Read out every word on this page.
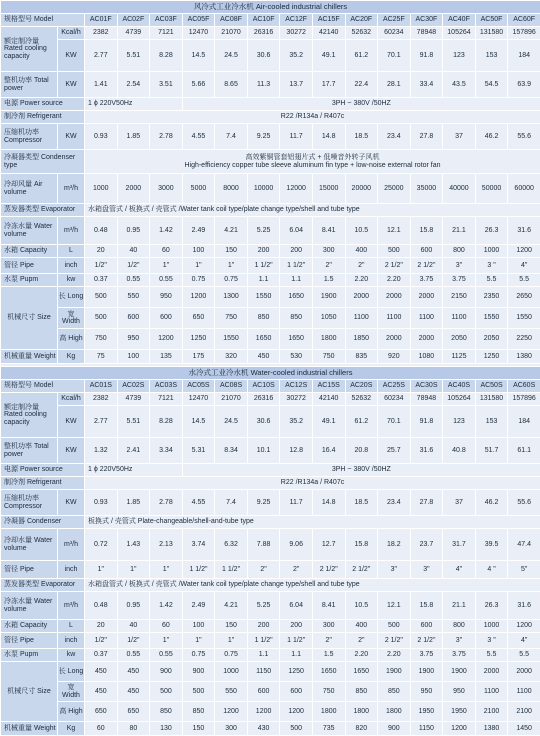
风冷式工业冷水机 Air-cooled industrial chillers															
规格型号 Model		AC01F	AC02F	AC03F	AC05F	AC08F	AC10F	AC12F	AC15F	AC20F	AC25F	AC30F	AC40F	AC50F	AC60F
额定制冷量 Rated cooling capacity	Kcal/h	2382	4739	7121	12470	21070	26316	30272	42140	52632	60234	78948	105264	131580	157896
	KW	2.77	5.51	8.28	14.5	24.5	30.6	35.2	49.1	61.2	70.1	91.8	123	153	184
整机功率 Total power	KW	1.41	2.54	3.51	5.66	8.65	11.3	13.7	17.7	22.4	28.1	33.4	43.5	54.5	63.9
电源 Power source		1 ϕ 220V50Hz			3PH ~ 380V /50HZ										
制冷剂 Refrigerant		R22 /R134a / R407c													
压缩机功率 Compressor	KW	0.93	1.85	2.78	4.55	7.4	9.25	11.7	14.8	18.5	23.4	27.8	37	46.2	55.6
冷凝器类型 Condenser type		高效紫铜管套铝翅片式 + 低噪音外转子风机
High-efficiency copper tube sleeve aluminum fin type + low-noise external rotor fan													

冷却风量 Air volume	m³/h	1000	2000	3000	5000	8000	10000	12000	15000	20000	25000	35000	40000	50000	60000
蒸发器类型 Evaporator		水箱盘管式 / 板换式 / 壳管式 /Water tank coil type/plate change type/shell and tube type													
冷冻水量 Water volume	m³/h	0.48	0.95	1.42	2.49	4.21	5.25	6.04	8.41	10.5	12.1	15.8	21.1	26.3	31.6
水箱 Capacity	L	20	40	60	100	150	200	200	300	400	500	600	800	1000	1200
管径 Pipe	inch	1/2"	1/2"	1"	1"	1"	1 1/2"	1 1/2"	2"	2"	2 1/2"	2 1/2"	3"	3 "	4"
水泵 Pupm	kw	0.37	0.55	0.55	0.75	0.75	1.1	1.1	1.5	2.20	2.20	3.75	3.75	5.5	5.5
机械尺寸 Size	长 Long	500	550	950	1200	1300	1550	1650	1900	2000	2000	2000	2150	2350	2650
	宽 Width	500	600	600	650	750	850	850	1050	1100	1100	1100	1100	1550	1550
	高 High	750	950	1200	1250	1550	1650	1650	1800	1850	2000	2000	2050	2050	2250
机械重量 Weight	Kg	75	100	135	175	320	450	530	750	835	920	1080	1125	1250	1380

水冷式工业冷水机 Water-cooled industrial chillers															
规格型号 Model		AC01S	AC02S	AC03S	AC05S	AC08S	AC10S	AC12S	AC15S	AC20S	AC25S	AC30S	AC40S	AC50S	AC60S
额定制冷量 Rated cooling capacity	Kcal/h	2382	4739	7121	12470	21070	26316	30272	42140	52632	60234	78948	105264	131580	157896
	KW	2.77	5.51	8.28	14.5	24.5	30.6	35.2	49.1	61.2	70.1	91.8	123	153	184
整机功率 Total power	KW	1.32	2.41	3.34	5.31	8.34	10.1	12.8	16.4	20.8	25.7	31.6	40.8	51.7	61.1
电源 Power source		1 ϕ 220V50Hz			3PH ~ 380V /50HZ										
制冷剂 Refrigerant		R22 /R134a / R407c													
压缩机功率 Compressor	KW	0.93	1.85	2.78	4.55	7.4	9.25	11.7	14.8	18.5	23.4	27.8	37	46.2	55.6
冷凝器 Condenser		板换式 / 壳管式 Plate-changeable/shell-and-tube type													
冷却水量 Water volume	m³/h	0.72	1.43	2.13	3.74	6.32	7.88	9.06	12.7	15.8	18.2	23.7	31.7	39.5	47.4
管径 Pipe	inch	1"	1"	1"	1 1/2"	1 1/2"	2"	2"	2 1/2"	2 1/2"	3"	3"	4"	4 "	5"
蒸发器类型 Evaporator		水箱盘管式 / 板换式 / 壳管式 /Water tank coil type/plate change type/shell and tube type													
冷冻水量 Water volume	m³/h	0.48	0.95	1.42	2.49	4.21	5.25	6.04	8.41	10.5	12.1	15.8	21.1	26.3	31.6
水箱 Capacity	L	20	40	60	100	150	200	200	300	400	500	600	800	1000	1200
管径 Pipe	inch	1/2"	1/2"	1"	1"	1"	1 1/2"	1 1/2"	2"	2"	2 1/2"	2 1/2"	3"	3 "	4"
水泵 Pupm	kw	0.37	0.55	0.55	0.75	0.75	1.1	1.1	1.5	2.20	2.20	3.75	3.75	5.5	5.5
机械尺寸 Size	长 Long	450	450	900	900	1000	1150	1250	1650	1650	1900	1900	1900	2000	2000
	宽 Width	450	450	500	500	550	600	600	750	850	850	950	950	1100	1100
	高 High	650	650	850	850	1200	1200	1200	1800	1800	1800	1950	1950	2100	2100
机械重量 Weight	Kg	60	80	130	150	300	430	500	735	820	900	1150	1200	1380	1450
